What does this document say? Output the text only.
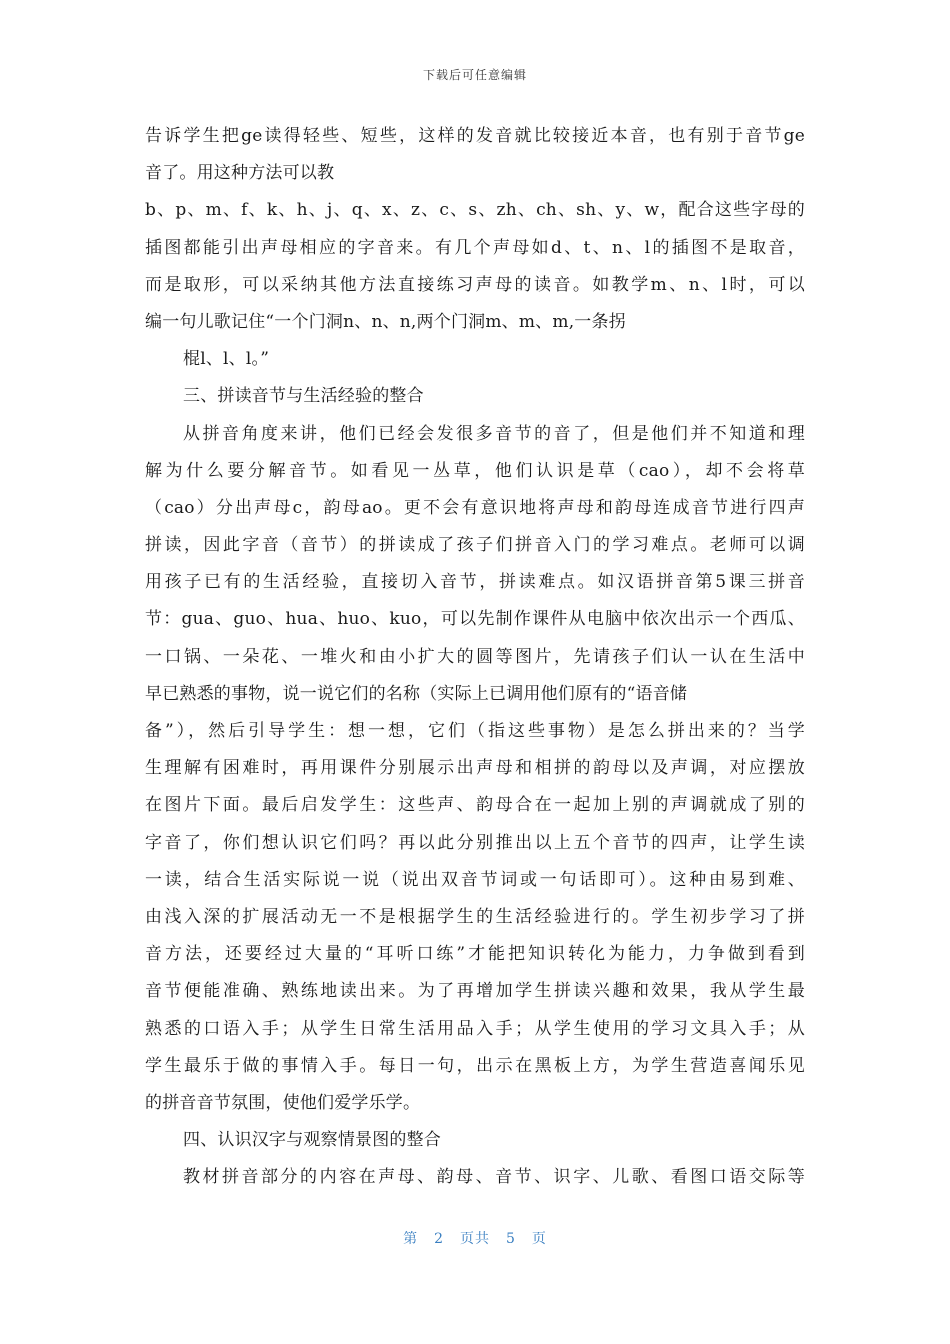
下载后可任意编辑
告诉学生把ge读得轻些、短些，这样的发音就比较接近本音，也有别于音节ge
音了。用这种方法可以教
b、p、m、f、k、h、j、q、x、z、c、s、zh、ch、sh、y、w，配合这些字母的
插图都能引出声母相应的字音来。有几个声母如d、t、n、l的插图不是取音，
而是取形，可以采纳其他方法直接练习声母的读音。如教学m、n、l时，可以
编一句儿歌记住“一个门洞n、n、n,两个门洞m、m、m,一条拐
棍l、l、l。”
三、拼读音节与生活经验的整合
从拼音角度来讲，他们已经会发很多音节的音了，但是他们并不知道和理
解为什么要分解音节。如看见一丛草，他们认识是草（cao），却不会将草
（cao）分出声母c，韵母ao。更不会有意识地将声母和韵母连成音节进行四声
拼读，因此字音（音节）的拼读成了孩子们拼音入门的学习难点。老师可以调
用孩子已有的生活经验，直接切入音节，拼读难点。如汉语拼音第5课三拼音
节：gua、guo、hua、huo、kuo，可以先制作课件从电脑中依次出示一个西瓜、
一口锅、一朵花、一堆火和由小扩大的圆等图片，先请孩子们认一认在生活中
早已熟悉的事物，说一说它们的名称（实际上已调用他们原有的“语音储
备”），然后引导学生：想一想，它们（指这些事物）是怎么拼出来的？当学
生理解有困难时，再用课件分别展示出声母和相拼的韵母以及声调，对应摆放
在图片下面。最后启发学生：这些声、韵母合在一起加上别的声调就成了别的
字音了，你们想认识它们吗？再以此分别推出以上五个音节的四声，让学生读
一读，结合生活实际说一说（说出双音节词或一句话即可）。这种由易到难、
由浅入深的扩展活动无一不是根据学生的生活经验进行的。学生初步学习了拼
音方法，还要经过大量的“耳听口练”才能把知识转化为能力，力争做到看到
音节便能准确、熟练地读出来。为了再增加学生拼读兴趣和效果，我从学生最
熟悉的口语入手；从学生日常生活用品入手；从学生使用的学习文具入手；从
学生最乐于做的事情入手。每日一句，出示在黑板上方，为学生营造喜闻乐见
的拼音音节氛围，使他们爱学乐学。
四、认识汉字与观察情景图的整合
教材拼音部分的内容在声母、韵母、音节、识字、儿歌、看图口语交际等
第 2 页共 5 页
